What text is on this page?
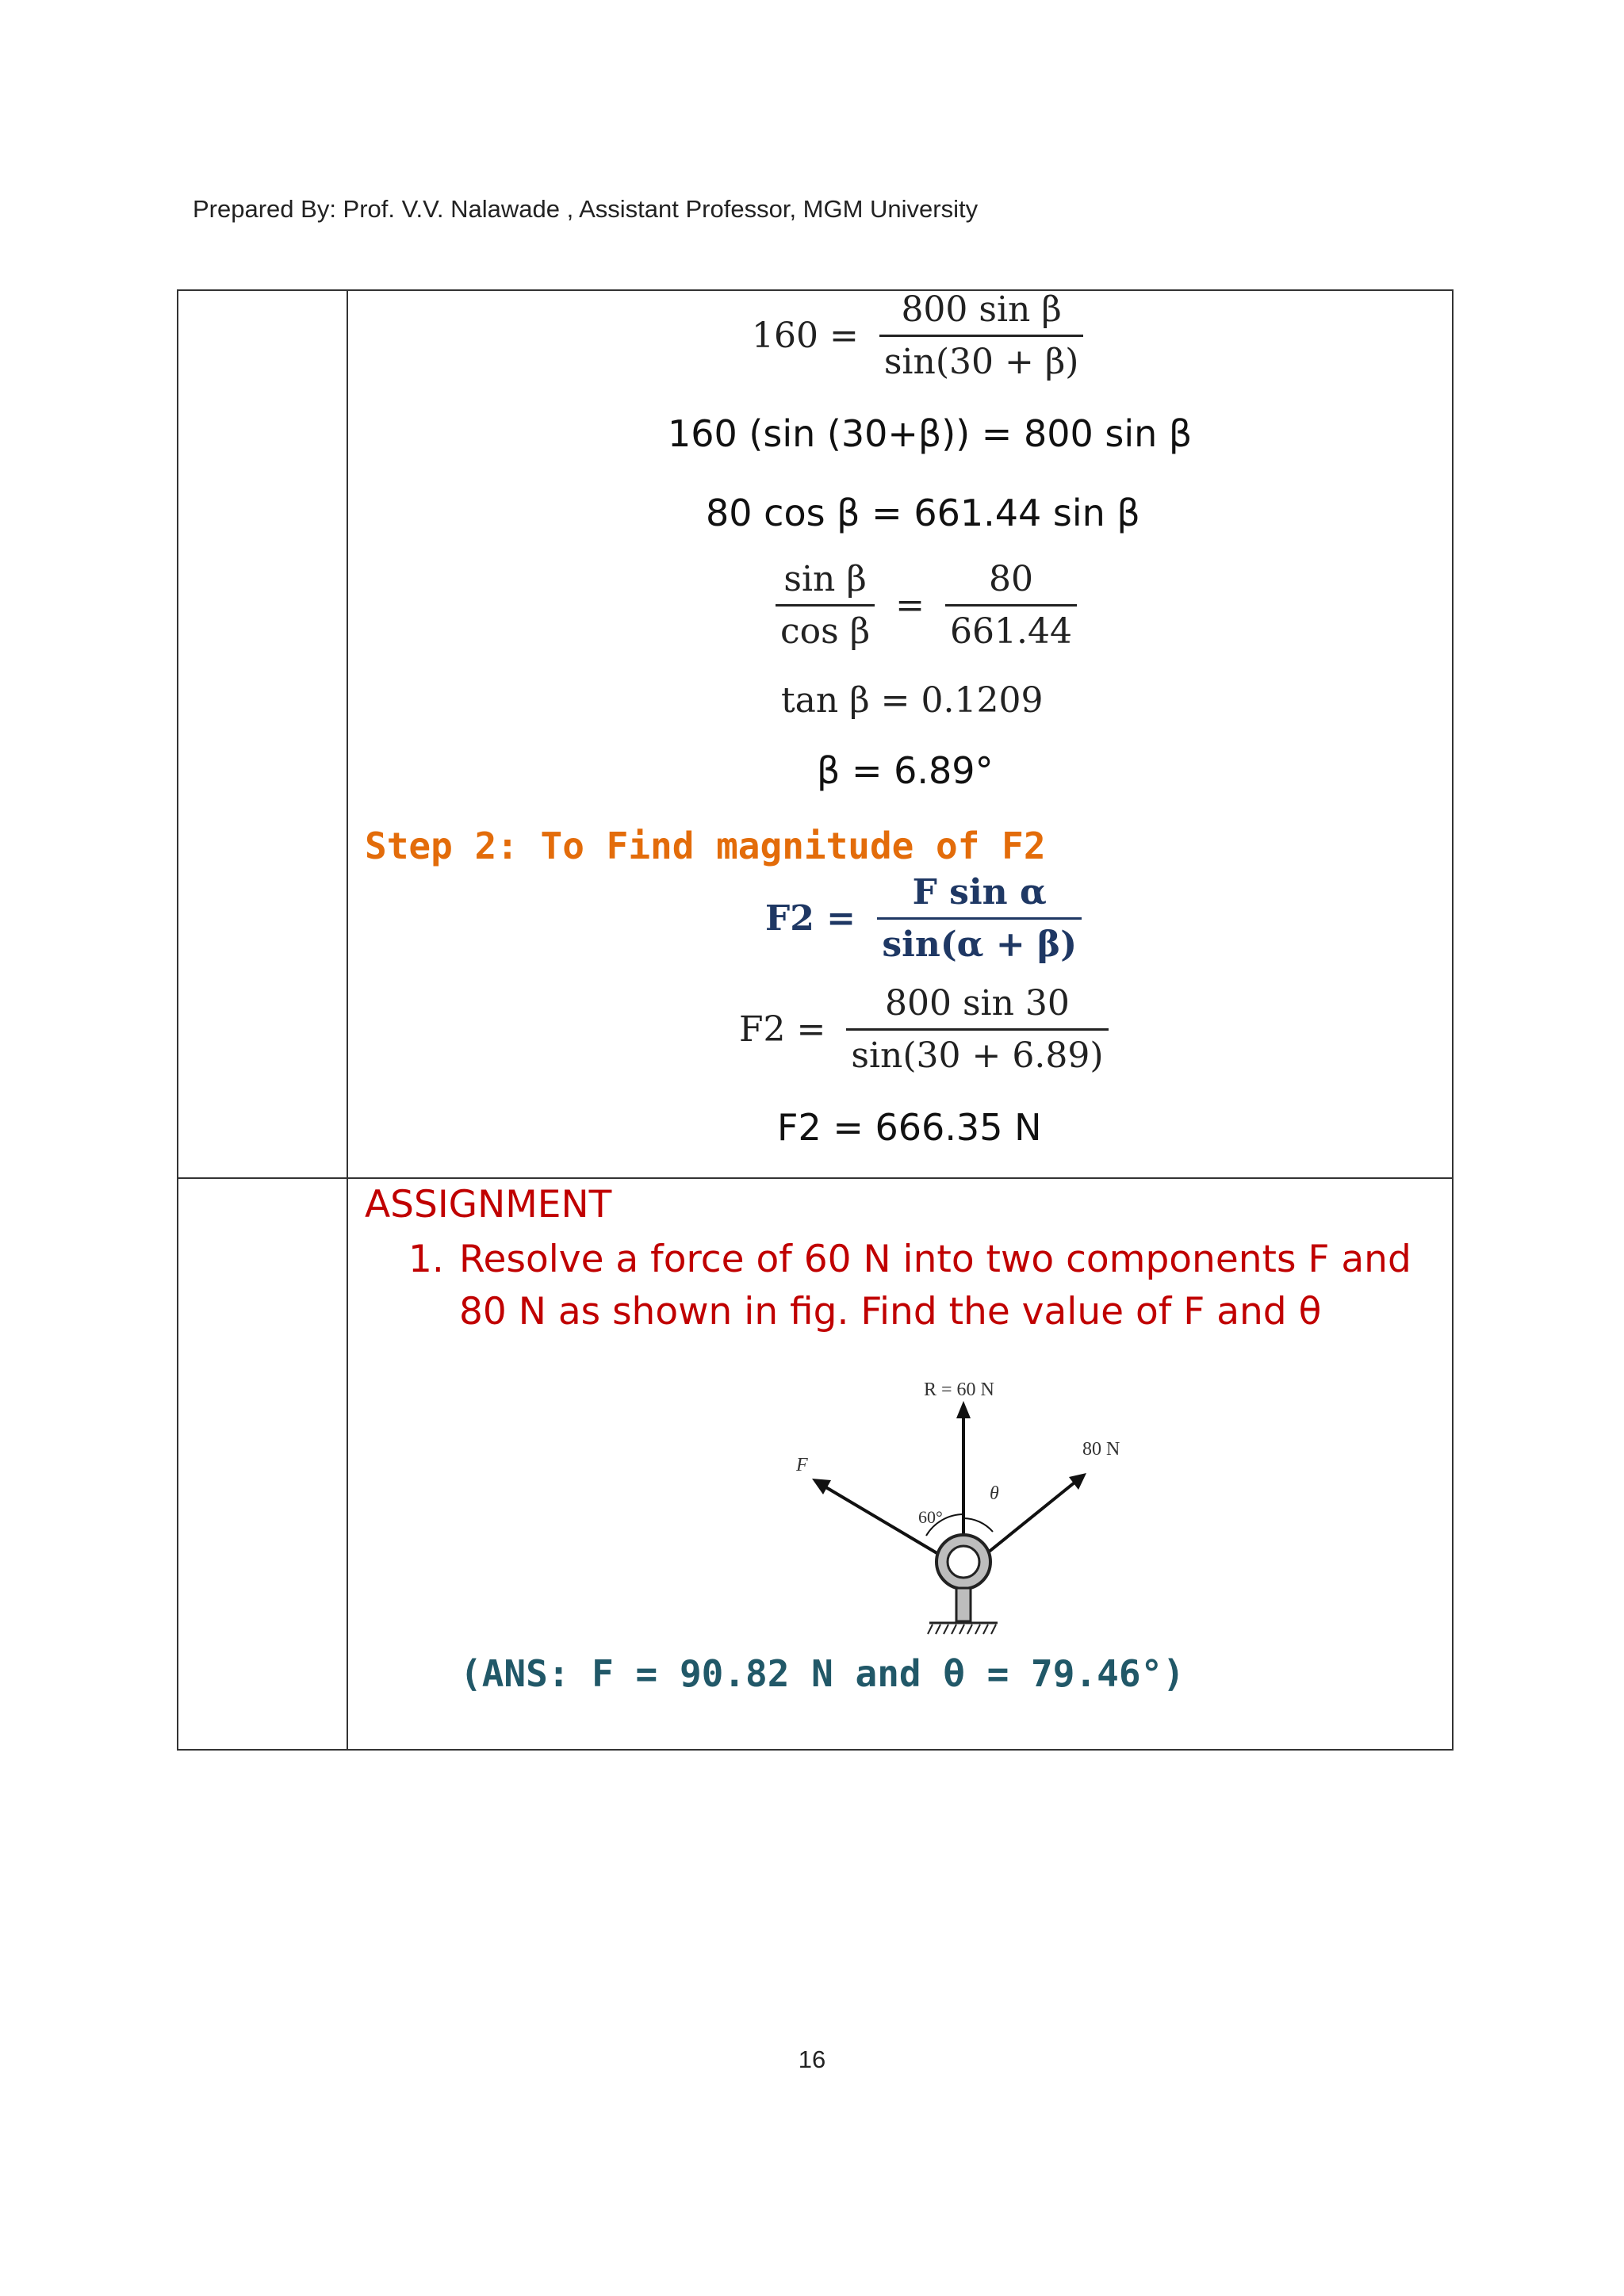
Prepared By: Prof. V.V. Nalawade , Assistant Professor, MGM University
$160 = \frac{\text{800 sin β}}{\sin(30 + \beta)}$
160 (sin (30+β)) = 800 sin β
80 cos β = 661.44 sin β
$\frac{\text{sin β}}{\text{cos β}} = \frac{80}{661.44}$
tan β = 0.1209
β = 6.89°
Step 2: To Find magnitude of F2
$F2 = \frac{\text{F sin α}}{\sin(\alpha + \beta)}$
$F2 = \frac{800 \sin 30}{\sin(30 + 6.89)}$
F2 = 666.35 N
ASSIGNMENT
1. Resolve a force of 60 N into two components F and 80 N as shown in fig. Find the value of F and θ
R = 60 N
80 N
F
60°
θ
(ANS: F = 90.82 N and θ = 79.46°)
16
